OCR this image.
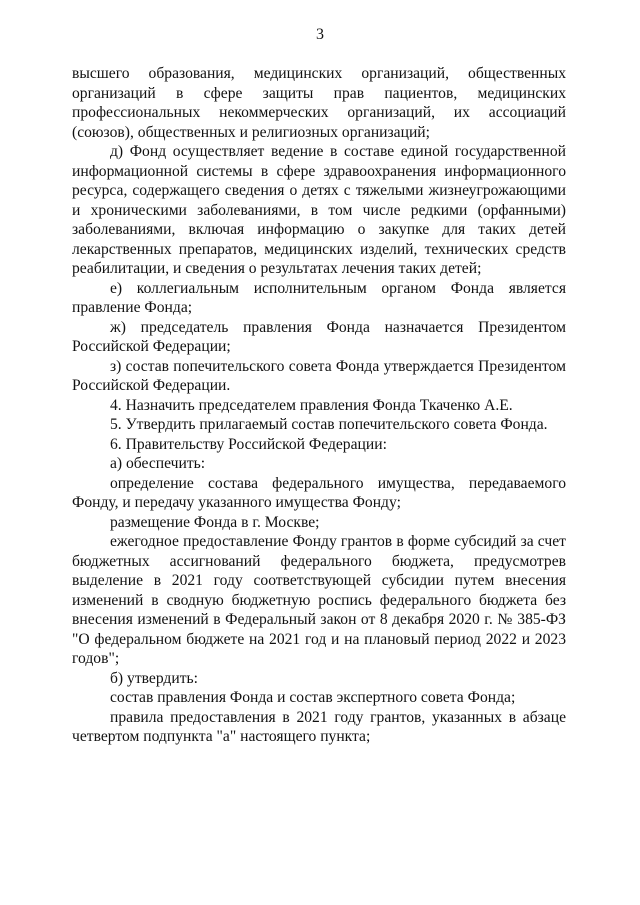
3

высшего образования, медицинских организаций, общественных организаций в сфере защиты прав пациентов, медицинских профессиональных некоммерческих организаций, их ассоциаций (союзов), общественных и религиозных организаций;

д) Фонд осуществляет ведение в составе единой государственной информационной системы в сфере здравоохранения информационного ресурса, содержащего сведения о детях с тяжелыми жизнеугрожающими и хроническими заболеваниями, в том числе редкими (орфанными) заболеваниями, включая информацию о закупке для таких детей лекарственных препаратов, медицинских изделий, технических средств реабилитации, и сведения о результатах лечения таких детей;

е) коллегиальным исполнительным органом Фонда является правление Фонда;

ж) председатель правления Фонда назначается Президентом Российской Федерации;

з) состав попечительского совета Фонда утверждается Президентом Российской Федерации.

4. Назначить председателем правления Фонда Ткаченко А.Е.

5. Утвердить прилагаемый состав попечительского совета Фонда.

6. Правительству Российской Федерации:

а) обеспечить:

определение состава федерального имущества, передаваемого Фонду, и передачу указанного имущества Фонду;

размещение Фонда в г. Москве;

ежегодное предоставление Фонду грантов в форме субсидий за счет бюджетных ассигнований федерального бюджета, предусмотрев выделение в 2021 году соответствующей субсидии путем внесения изменений в сводную бюджетную роспись федерального бюджета без внесения изменений в Федеральный закон от 8 декабря 2020 г. № 385-ФЗ "О федеральном бюджете на 2021 год и на плановый период 2022 и 2023 годов";

б) утвердить:

состав правления Фонда и состав экспертного совета Фонда;

правила предоставления в 2021 году грантов, указанных в абзаце четвертом подпункта "а" настоящего пункта;
